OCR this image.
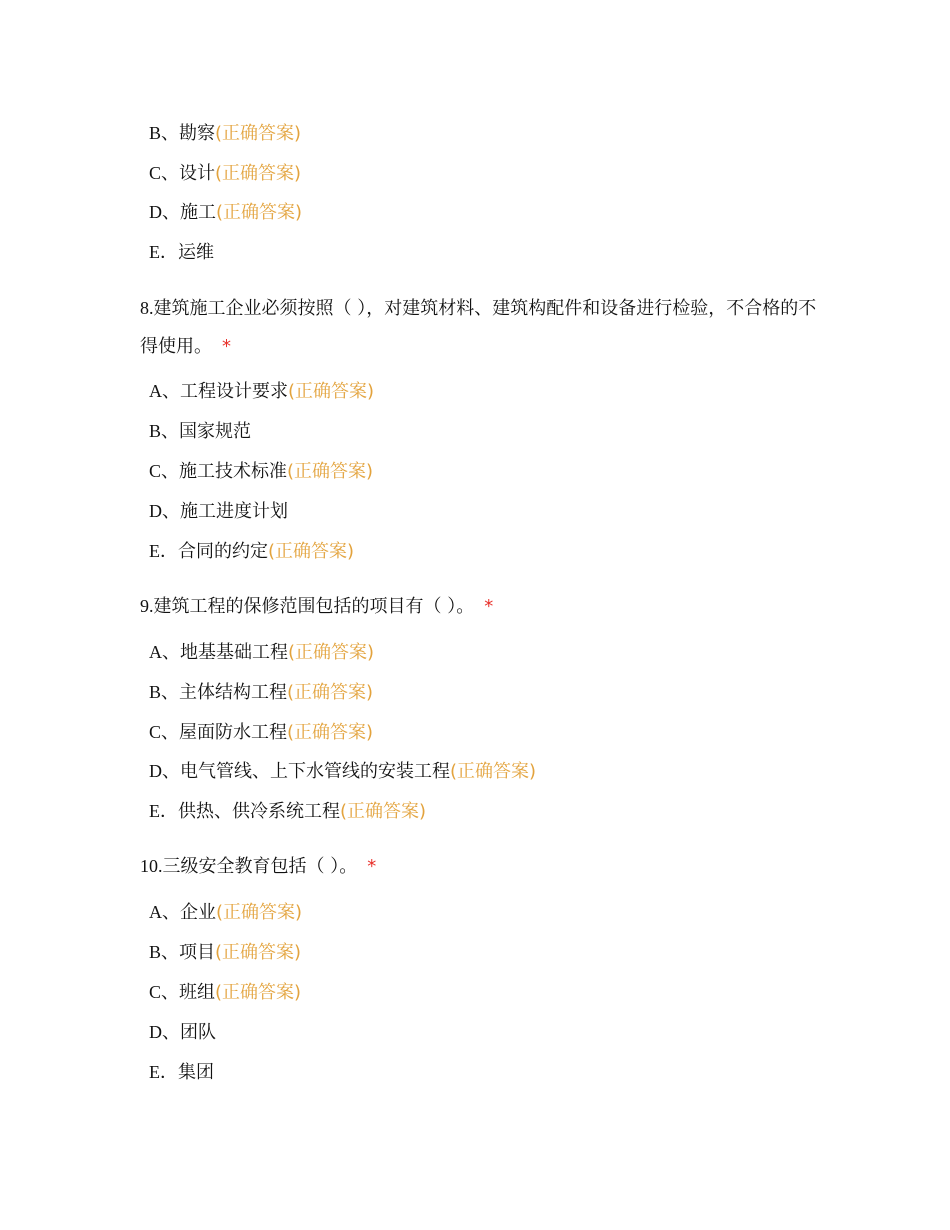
B、勘察(正确答案)
C、设计(正确答案)
D、施工(正确答案)
E．运维
8.建筑施工企业必须按照（ ），对建筑材料、建筑构配件和设备进行检验，不合格的不得使用。 *
A、工程设计要求(正确答案)
B、国家规范
C、施工技术标准(正确答案)
D、施工进度计划
E．合同的约定(正确答案)
9.建筑工程的保修范围包括的项目有（ ）。 *
A、地基基础工程(正确答案)
B、主体结构工程(正确答案)
C、屋面防水工程(正确答案)
D、电气管线、上下水管线的安装工程(正确答案)
E．供热、供冷系统工程(正确答案)
10.三级安全教育包括（ ）。 *
A、企业(正确答案)
B、项目(正确答案)
C、班组(正确答案)
D、团队
E．集团
